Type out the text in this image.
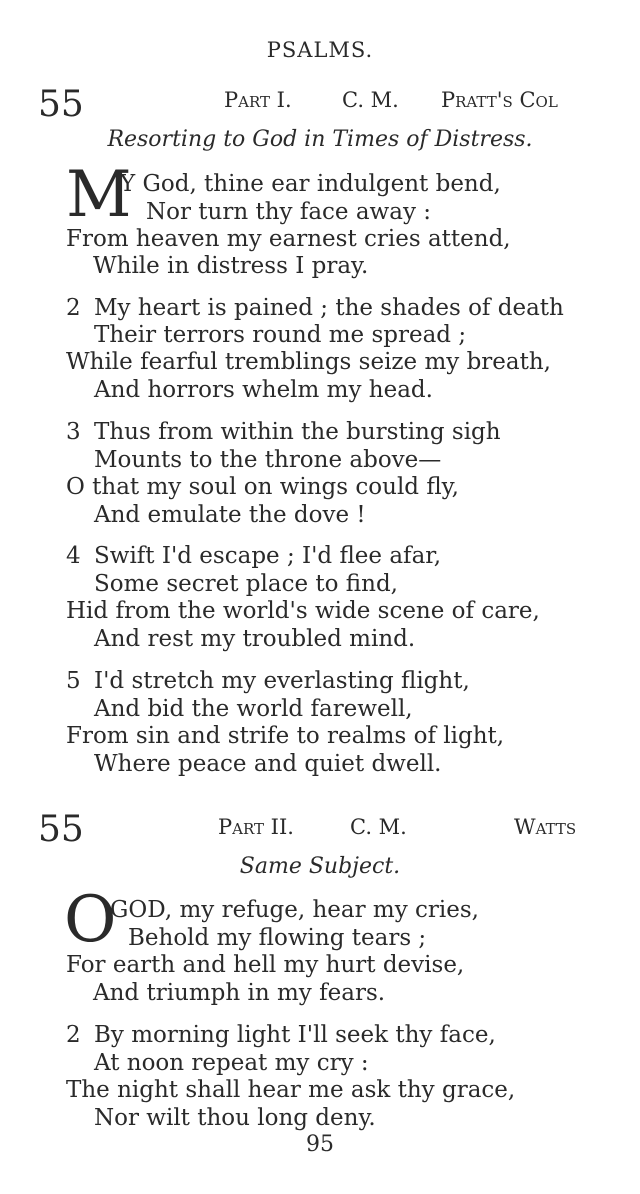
PSALMS.
55	Part I. C. M. Pratt's Col
Resorting to God in Times of Distress.
M
Y God, thine ear indulgent bend,
Nor turn thy face away :
From heaven my earnest cries attend,
While in distress I pray.
2 My heart is pained ; the shades of death
Their terrors round me spread ;
While fearful tremblings seize my breath,
And horrors whelm my head.
3 Thus from within the bursting sigh
Mounts to the throne above—
O that my soul on wings could fly,
And emulate the dove !
4 Swift I'd escape ; I'd flee afar,
Some secret place to find,
Hid from the world's wide scene of care,
And rest my troubled mind.
5 I'd stretch my everlasting flight,
And bid the world farewell,
From sin and strife to realms of light,
Where peace and quiet dwell.
55	Part II.	C. M.	Watts
Same Subject.
O
GOD, my refuge, hear my cries,
Behold my flowing tears ;
For earth and hell my hurt devise,
And triumph in my fears.
2 By morning light I'll seek thy face,
At noon repeat my cry :
The night shall hear me ask thy grace,
Nor wilt thou long deny.
95
